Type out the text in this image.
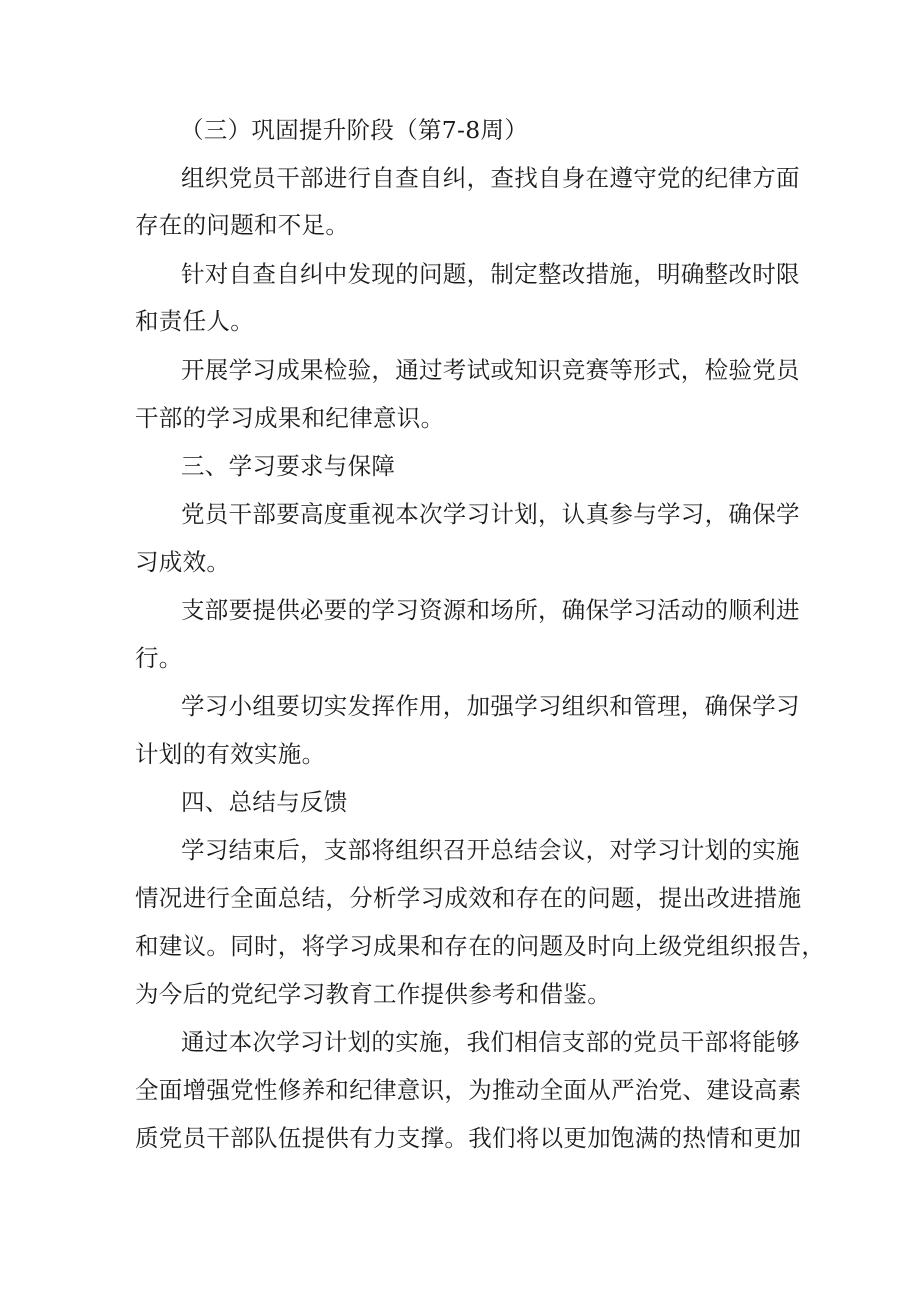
（三）巩固提升阶段（第7-8周）
组织党员干部进行自查自纠，查找自身在遵守党的纪律方面
存在的问题和不足。
针对自查自纠中发现的问题，制定整改措施，明确整改时限
和责任人。
开展学习成果检验，通过考试或知识竞赛等形式，检验党员
干部的学习成果和纪律意识。
三、学习要求与保障
党员干部要高度重视本次学习计划，认真参与学习，确保学
习成效。
支部要提供必要的学习资源和场所，确保学习活动的顺利进
行。
学习小组要切实发挥作用，加强学习组织和管理，确保学习
计划的有效实施。
四、总结与反馈
学习结束后，支部将组织召开总结会议，对学习计划的实施
情况进行全面总结，分析学习成效和存在的问题，提出改进措施
和建议。同时，将学习成果和存在的问题及时向上级党组织报告，
为今后的党纪学习教育工作提供参考和借鉴。
通过本次学习计划的实施，我们相信支部的党员干部将能够
全面增强党性修养和纪律意识，为推动全面从严治党、建设高素
质党员干部队伍提供有力支撑。我们将以更加饱满的热情和更加
